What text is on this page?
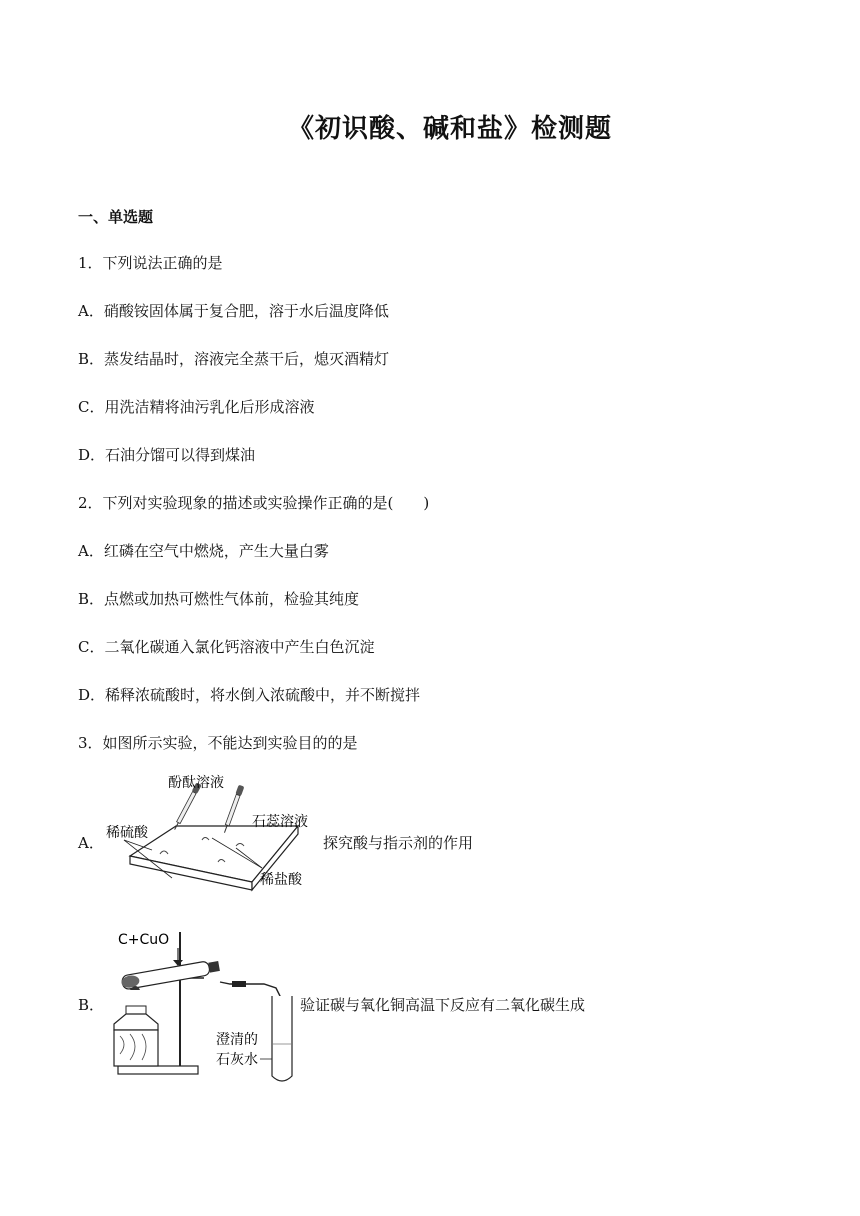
《初识酸、碱和盐》检测题
一、单选题
1．下列说法正确的是
A．硝酸铵固体属于复合肥，溶于水后温度降低
B．蒸发结晶时，溶液完全蒸干后，熄灭酒精灯
C．用洗洁精将油污乳化后形成溶液
D．石油分馏可以得到煤油
2．下列对实验现象的描述或实验操作正确的是(　　)
A．红磷在空气中燃烧，产生大量白雾
B．点燃或加热可燃性气体前，检验其纯度
C．二氧化碳通入氯化钙溶液中产生白色沉淀
D．稀释浓硫酸时，将水倒入浓硫酸中，并不断搅拌
3．如图所示实验，不能达到实验目的的是
A．
酚酞溶液
石蕊溶液
稀硫酸
稀盐酸
探究酸与指示剂的作用
B．
C+CuO
澄清的
石灰水
验证碳与氧化铜高温下反应有二氧化碳生成
